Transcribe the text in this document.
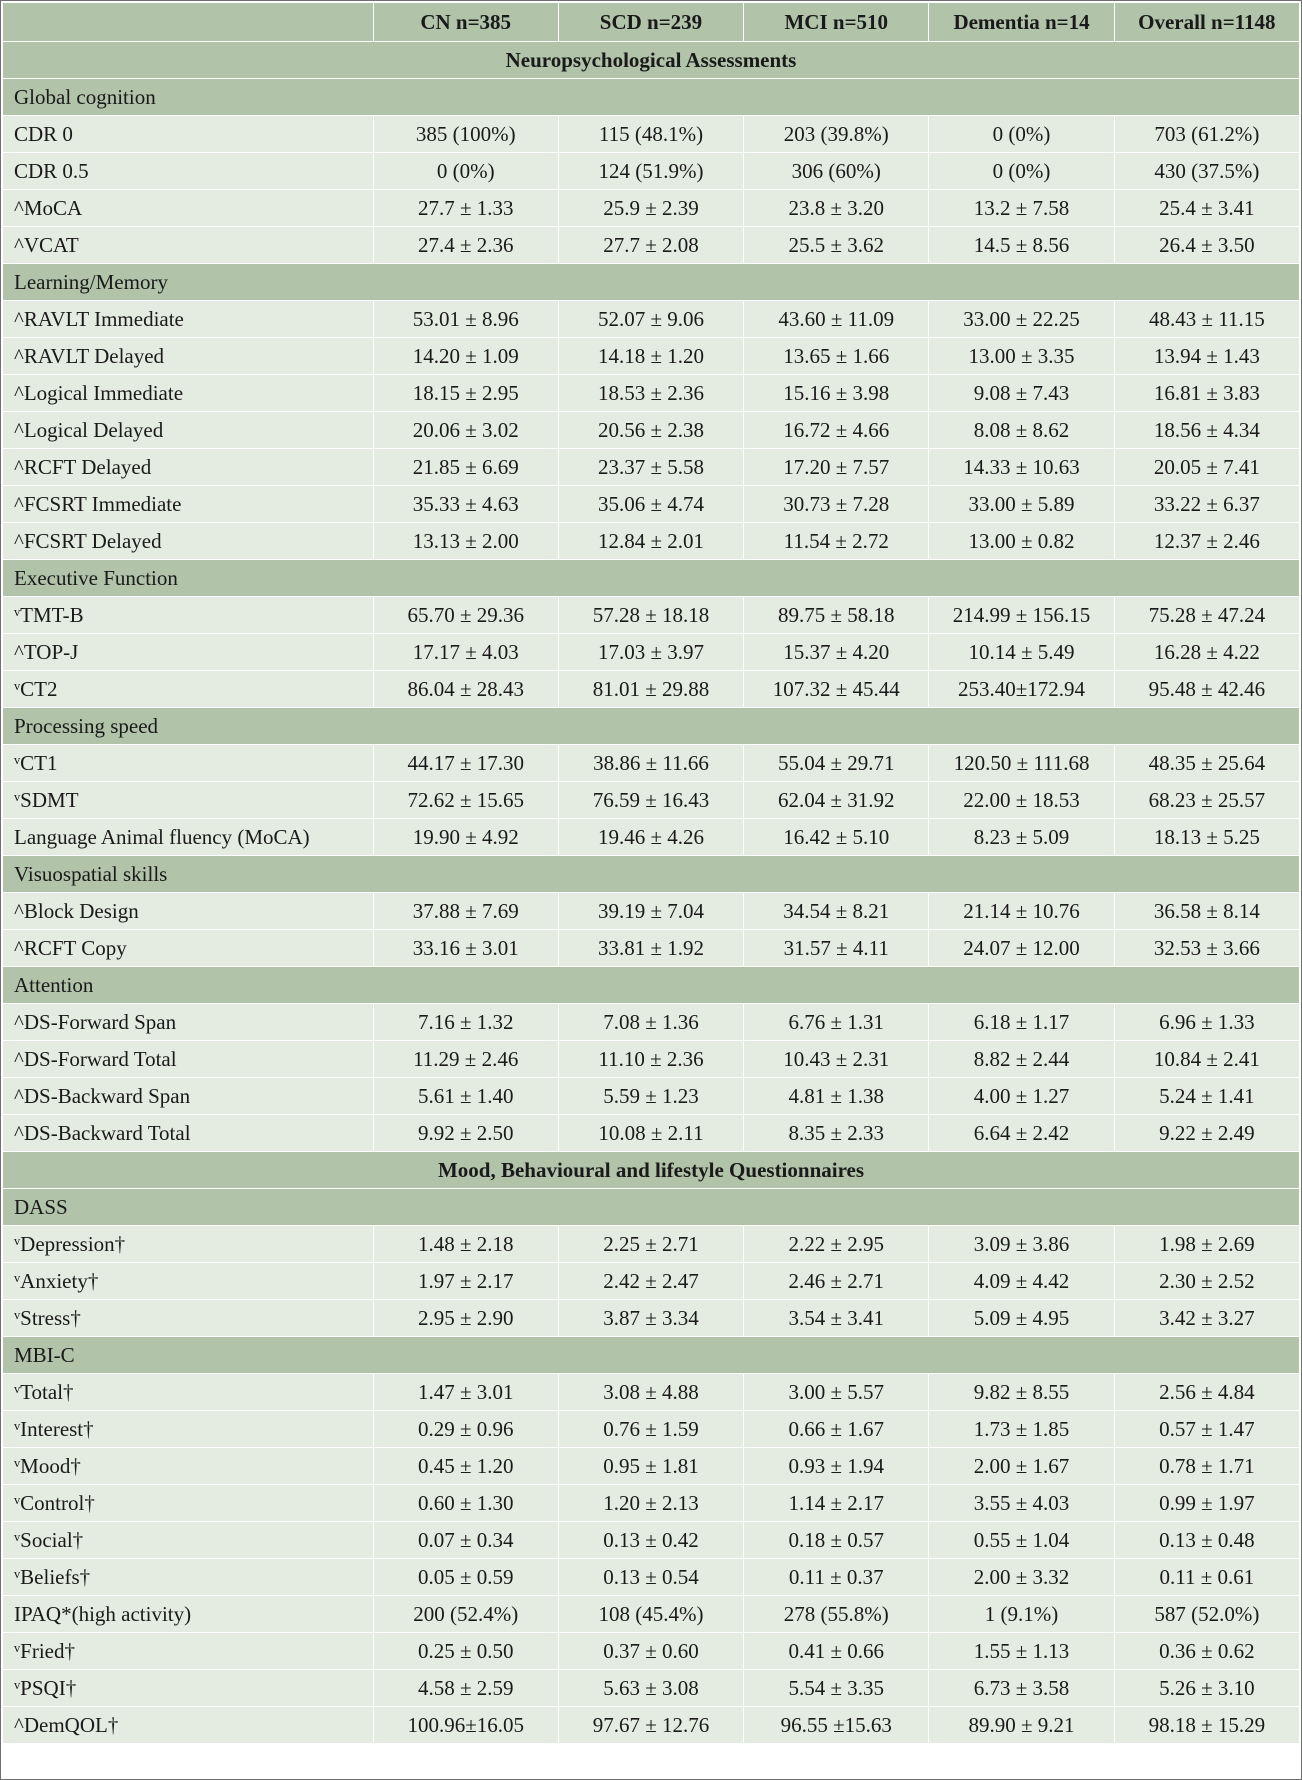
	CN n=385	SCD n=239	MCI n=510	Dementia n=14	Overall n=1148
Neuropsychological Assessments					
Global cognition					
CDR 0	385 (100%)	115 (48.1%)	203 (39.8%)	0 (0%)	703 (61.2%)
CDR 0.5	0 (0%)	124 (51.9%)	306 (60%)	0 (0%)	430 (37.5%)
^MoCA	27.7 ± 1.33	25.9 ± 2.39	23.8 ± 3.20	13.2 ± 7.58	25.4 ± 3.41
^VCAT	27.4 ± 2.36	27.7 ± 2.08	25.5 ± 3.62	14.5 ± 8.56	26.4 ± 3.50
Learning/Memory					
^RAVLT Immediate	53.01 ± 8.96	52.07 ± 9.06	43.60 ± 11.09	33.00 ± 22.25	48.43 ± 11.15
^RAVLT Delayed	14.20 ± 1.09	14.18 ± 1.20	13.65 ± 1.66	13.00 ± 3.35	13.94 ± 1.43
^Logical Immediate	18.15 ± 2.95	18.53 ± 2.36	15.16 ± 3.98	9.08 ± 7.43	16.81 ± 3.83
^Logical Delayed	20.06 ± 3.02	20.56 ± 2.38	16.72 ± 4.66	8.08 ± 8.62	18.56 ± 4.34
^RCFT Delayed	21.85 ± 6.69	23.37 ± 5.58	17.20 ± 7.57	14.33 ± 10.63	20.05 ± 7.41
^FCSRT Immediate	35.33 ± 4.63	35.06 ± 4.74	30.73 ± 7.28	33.00 ± 5.89	33.22 ± 6.37
^FCSRT Delayed	13.13 ± 2.00	12.84 ± 2.01	11.54 ± 2.72	13.00 ± 0.82	12.37 ± 2.46
Executive Function					
ᵛTMT-B	65.70 ± 29.36	57.28 ± 18.18	89.75 ± 58.18	214.99 ± 156.15	75.28 ± 47.24
^TOP-J	17.17 ± 4.03	17.03 ± 3.97	15.37 ± 4.20	10.14 ± 5.49	16.28 ± 4.22
ᵛCT2	86.04 ± 28.43	81.01 ± 29.88	107.32 ± 45.44	253.40±172.94	95.48 ± 42.46
Processing speed					
ᵛCT1	44.17 ± 17.30	38.86 ± 11.66	55.04 ± 29.71	120.50 ± 111.68	48.35 ± 25.64
ᵛSDMT	72.62 ± 15.65	76.59 ± 16.43	62.04 ± 31.92	22.00 ± 18.53	68.23 ± 25.57
Language Animal fluency (MoCA)	19.90 ± 4.92	19.46 ± 4.26	16.42 ± 5.10	8.23 ± 5.09	18.13 ± 5.25
Visuospatial skills					
^Block Design	37.88 ± 7.69	39.19 ± 7.04	34.54 ± 8.21	21.14 ± 10.76	36.58 ± 8.14
^RCFT Copy	33.16 ± 3.01	33.81 ± 1.92	31.57 ± 4.11	24.07 ± 12.00	32.53 ± 3.66
Attention					
^DS-Forward Span	7.16 ± 1.32	7.08 ± 1.36	6.76 ± 1.31	6.18 ± 1.17	6.96 ± 1.33
^DS-Forward Total	11.29 ± 2.46	11.10 ± 2.36	10.43 ± 2.31	8.82 ± 2.44	10.84 ± 2.41
^DS-Backward Span	5.61 ± 1.40	5.59 ± 1.23	4.81 ± 1.38	4.00 ± 1.27	5.24 ± 1.41
^DS-Backward Total	9.92 ± 2.50	10.08 ± 2.11	8.35 ± 2.33	6.64 ± 2.42	9.22 ± 2.49
Mood, Behavioural and lifestyle Questionnaires					
DASS					
ᵛDepression†	1.48 ± 2.18	2.25 ± 2.71	2.22 ± 2.95	3.09 ± 3.86	1.98 ± 2.69
ᵛAnxiety†	1.97 ± 2.17	2.42 ± 2.47	2.46 ± 2.71	4.09 ± 4.42	2.30 ± 2.52
ᵛStress†	2.95 ± 2.90	3.87 ± 3.34	3.54 ± 3.41	5.09 ± 4.95	3.42 ± 3.27
MBI-C					
ᵛTotal†	1.47 ± 3.01	3.08 ± 4.88	3.00 ± 5.57	9.82 ± 8.55	2.56 ± 4.84
ᵛInterest†	0.29 ± 0.96	0.76 ± 1.59	0.66 ± 1.67	1.73 ± 1.85	0.57 ± 1.47
ᵛMood†	0.45 ± 1.20	0.95 ± 1.81	0.93 ± 1.94	2.00 ± 1.67	0.78 ± 1.71
ᵛControl†	0.60 ± 1.30	1.20 ± 2.13	1.14 ± 2.17	3.55 ± 4.03	0.99 ± 1.97
ᵛSocial†	0.07 ± 0.34	0.13 ± 0.42	0.18 ± 0.57	0.55 ± 1.04	0.13 ± 0.48
ᵛBeliefs†	0.05 ± 0.59	0.13 ± 0.54	0.11 ± 0.37	2.00 ± 3.32	0.11 ± 0.61
IPAQ*(high activity)	200 (52.4%)	108 (45.4%)	278 (55.8%)	1 (9.1%)	587 (52.0%)
ᵛFried†	0.25 ± 0.50	0.37 ± 0.60	0.41 ± 0.66	1.55 ± 1.13	0.36 ± 0.62
ᵛPSQI†	4.58 ± 2.59	5.63 ± 3.08	5.54 ± 3.35	6.73 ± 3.58	5.26 ± 3.10
^DemQOL†	100.96±16.05	97.67 ± 12.76	96.55 ±15.63	89.90 ± 9.21	98.18 ± 15.29
